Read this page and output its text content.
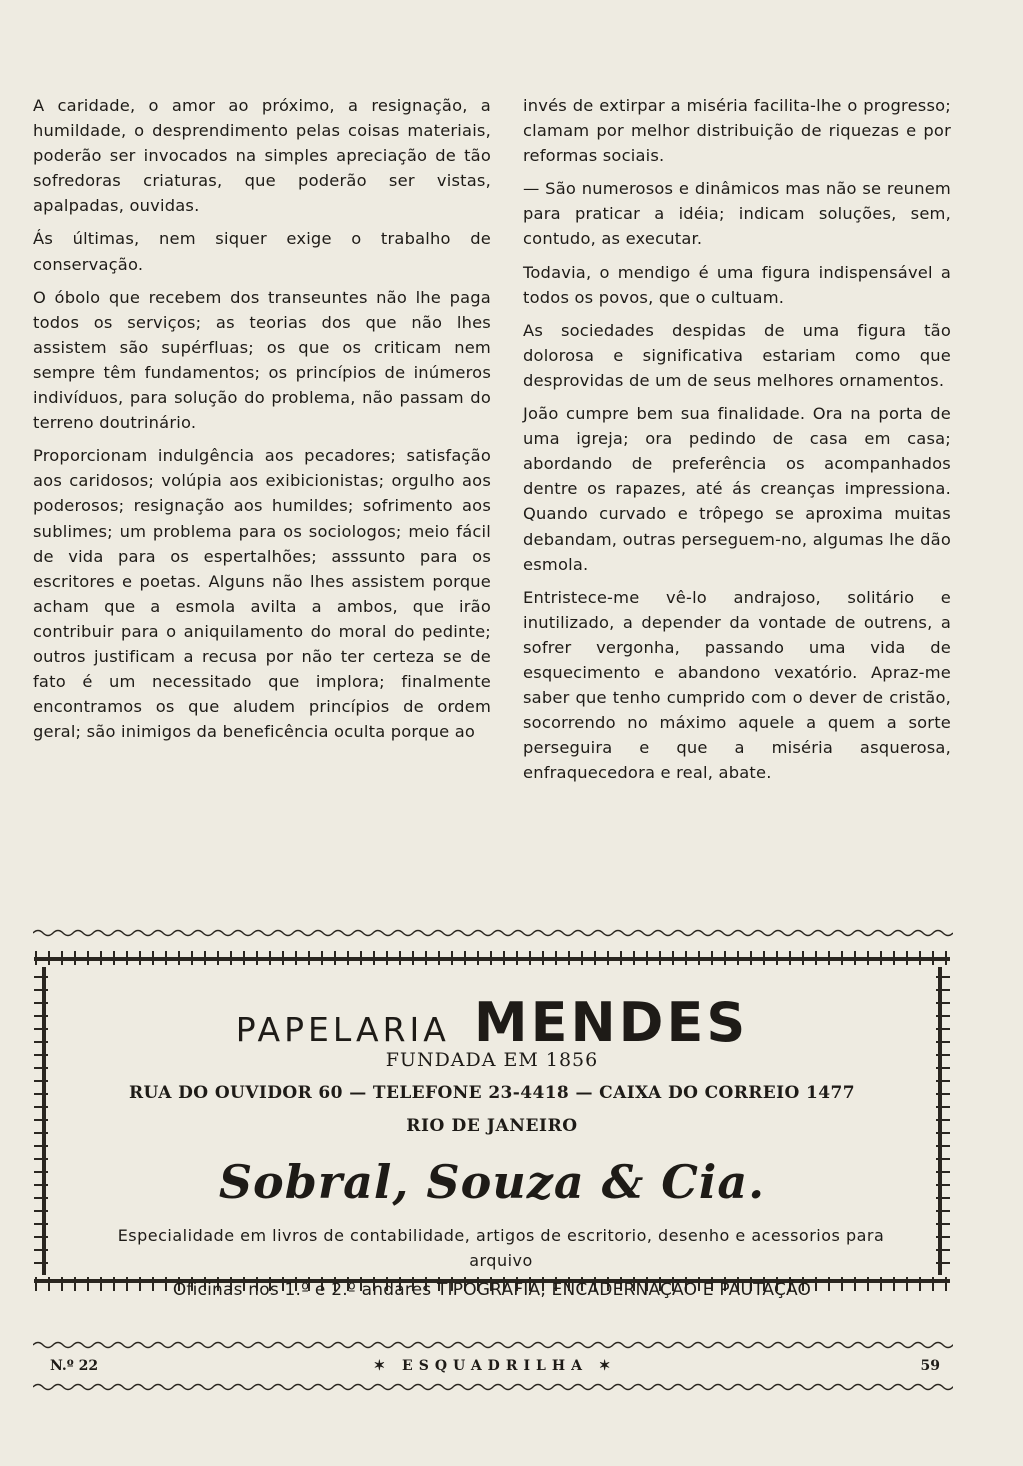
A caridade, o amor ao próximo, a resignação, a humildade, o desprendimento pelas coisas materiais, poderão ser invocados na simples apreciação de tão sofredoras criaturas, que poderão ser vistas, apalpadas, ouvidas.

Ás últimas, nem siquer exige o trabalho de conservação.

O óbolo que recebem dos transeuntes não lhe paga todos os serviços; as teorias dos que não lhes assistem são supérfluas; os que os criticam nem sempre têm fundamentos; os princípios de inúmeros indivíduos, para solução do problema, não passam do terreno doutrinário.

Proporcionam indulgência aos pecadores; satisfação aos caridosos; volúpia aos exibicionistas; orgulho aos poderosos; resignação aos humildes; sofrimento aos sublimes; um problema para os sociologos; meio fácil de vida para os espertalhões; asssunto para os escritores e poetas. Alguns não lhes assistem porque acham que a esmola avilta a ambos, que irão contribuir para o aniquilamento do moral do pedinte; outros justificam a recusa por não ter certeza se de fato é um necessitado que implora; finalmente encontramos os que aludem princípios de ordem geral; são inimigos da beneficência oculta porque ao

invés de extirpar a miséria facilita-lhe o progresso; clamam por melhor distribuição de riquezas e por reformas sociais.

— São numerosos e dinâmicos mas não se reunem para praticar a idéia; indicam soluções, sem, contudo, as executar.

Todavia, o mendigo é uma figura indispensável a todos os povos, que o cultuam.

As sociedades despidas de uma figura tão dolorosa e significativa estariam como que desprovidas de um de seus melhores ornamentos.

João cumpre bem sua finalidade. Ora na porta de uma igreja; ora pedindo de casa em casa; abordando de preferência os acompanhados dentre os rapazes, até ás creanças impressiona. Quando curvado e trôpego se aproxima muitas debandam, outras perseguem-no, algumas lhe dão esmola.

Entristece-me vê-lo andrajoso, solitário e inutilizado, a depender da vontade de outrens, a sofrer vergonha, passando uma vida de esquecimento e abandono vexatório. Apraz-me saber que tenho cumprido com o dever de cristão, socorrendo no máximo aquele a quem a sorte perseguira e que a miséria asquerosa, enfraquecedora e real, abate.

PAPELARIA MENDES
FUNDADA EM 1856
RUA DO OUVIDOR 60 — TELEFONE 23-4418 — CAIXA DO CORREIO 1477
RIO DE JANEIRO
Sobral, Souza & Cia.
Especialidade em livros de contabilidade, artigos de escritorio, desenho e acessorios para arquivo
Oficinas nos 1.º e 2.º andares TIPOGRAFIA, ENCADERNAÇÃO E PAUTAÇÃO
N.º 22	✶ ESQUADRILHA ✶	59
